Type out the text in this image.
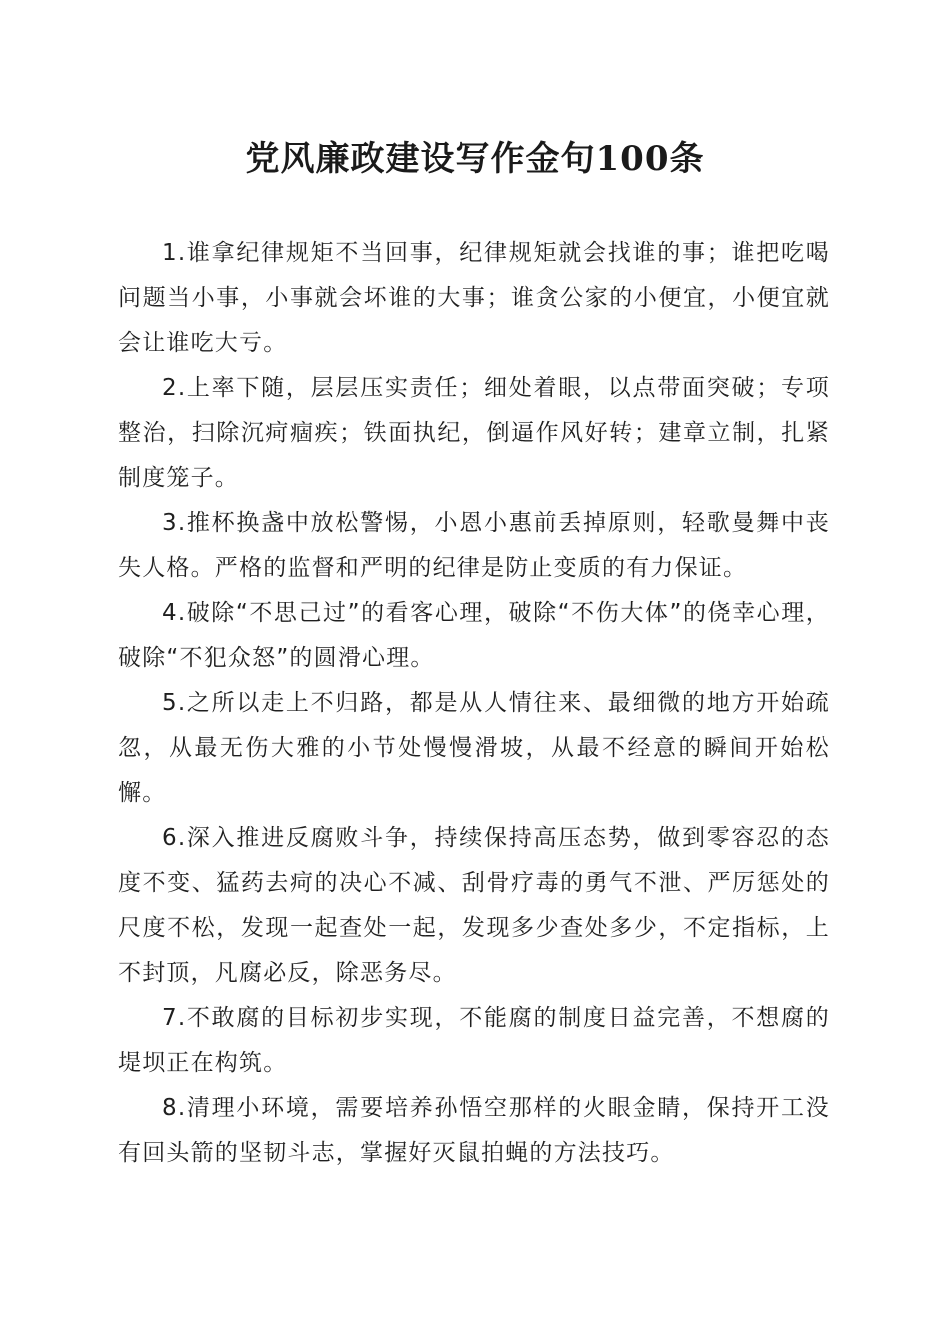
党风廉政建设写作金句100条

1.谁拿纪律规矩不当回事，纪律规矩就会找谁的事；谁把吃喝问题当小事，小事就会坏谁的大事；谁贪公家的小便宜，小便宜就会让谁吃大亏。

2.上率下随，层层压实责任；细处着眼，以点带面突破；专项整治，扫除沉疴痼疾；铁面执纪，倒逼作风好转；建章立制，扎紧制度笼子。

3.推杯换盏中放松警惕，小恩小惠前丢掉原则，轻歌曼舞中丧失人格。严格的监督和严明的纪律是防止变质的有力保证。

4.破除“不思己过”的看客心理，破除“不伤大体”的侥幸心理，破除“不犯众怒”的圆滑心理。

5.之所以走上不归路，都是从人情往来、最细微的地方开始疏忽，从最无伤大雅的小节处慢慢滑坡，从最不经意的瞬间开始松懈。

6.深入推进反腐败斗争，持续保持高压态势，做到零容忍的态度不变、猛药去疴的决心不减、刮骨疗毒的勇气不泄、严厉惩处的尺度不松，发现一起查处一起，发现多少查处多少，不定指标，上不封顶，凡腐必反，除恶务尽。

7.不敢腐的目标初步实现，不能腐的制度日益完善，不想腐的堤坝正在构筑。

8.清理小环境，需要培养孙悟空那样的火眼金睛，保持开工没有回头箭的坚韧斗志，掌握好灭鼠拍蝇的方法技巧。
